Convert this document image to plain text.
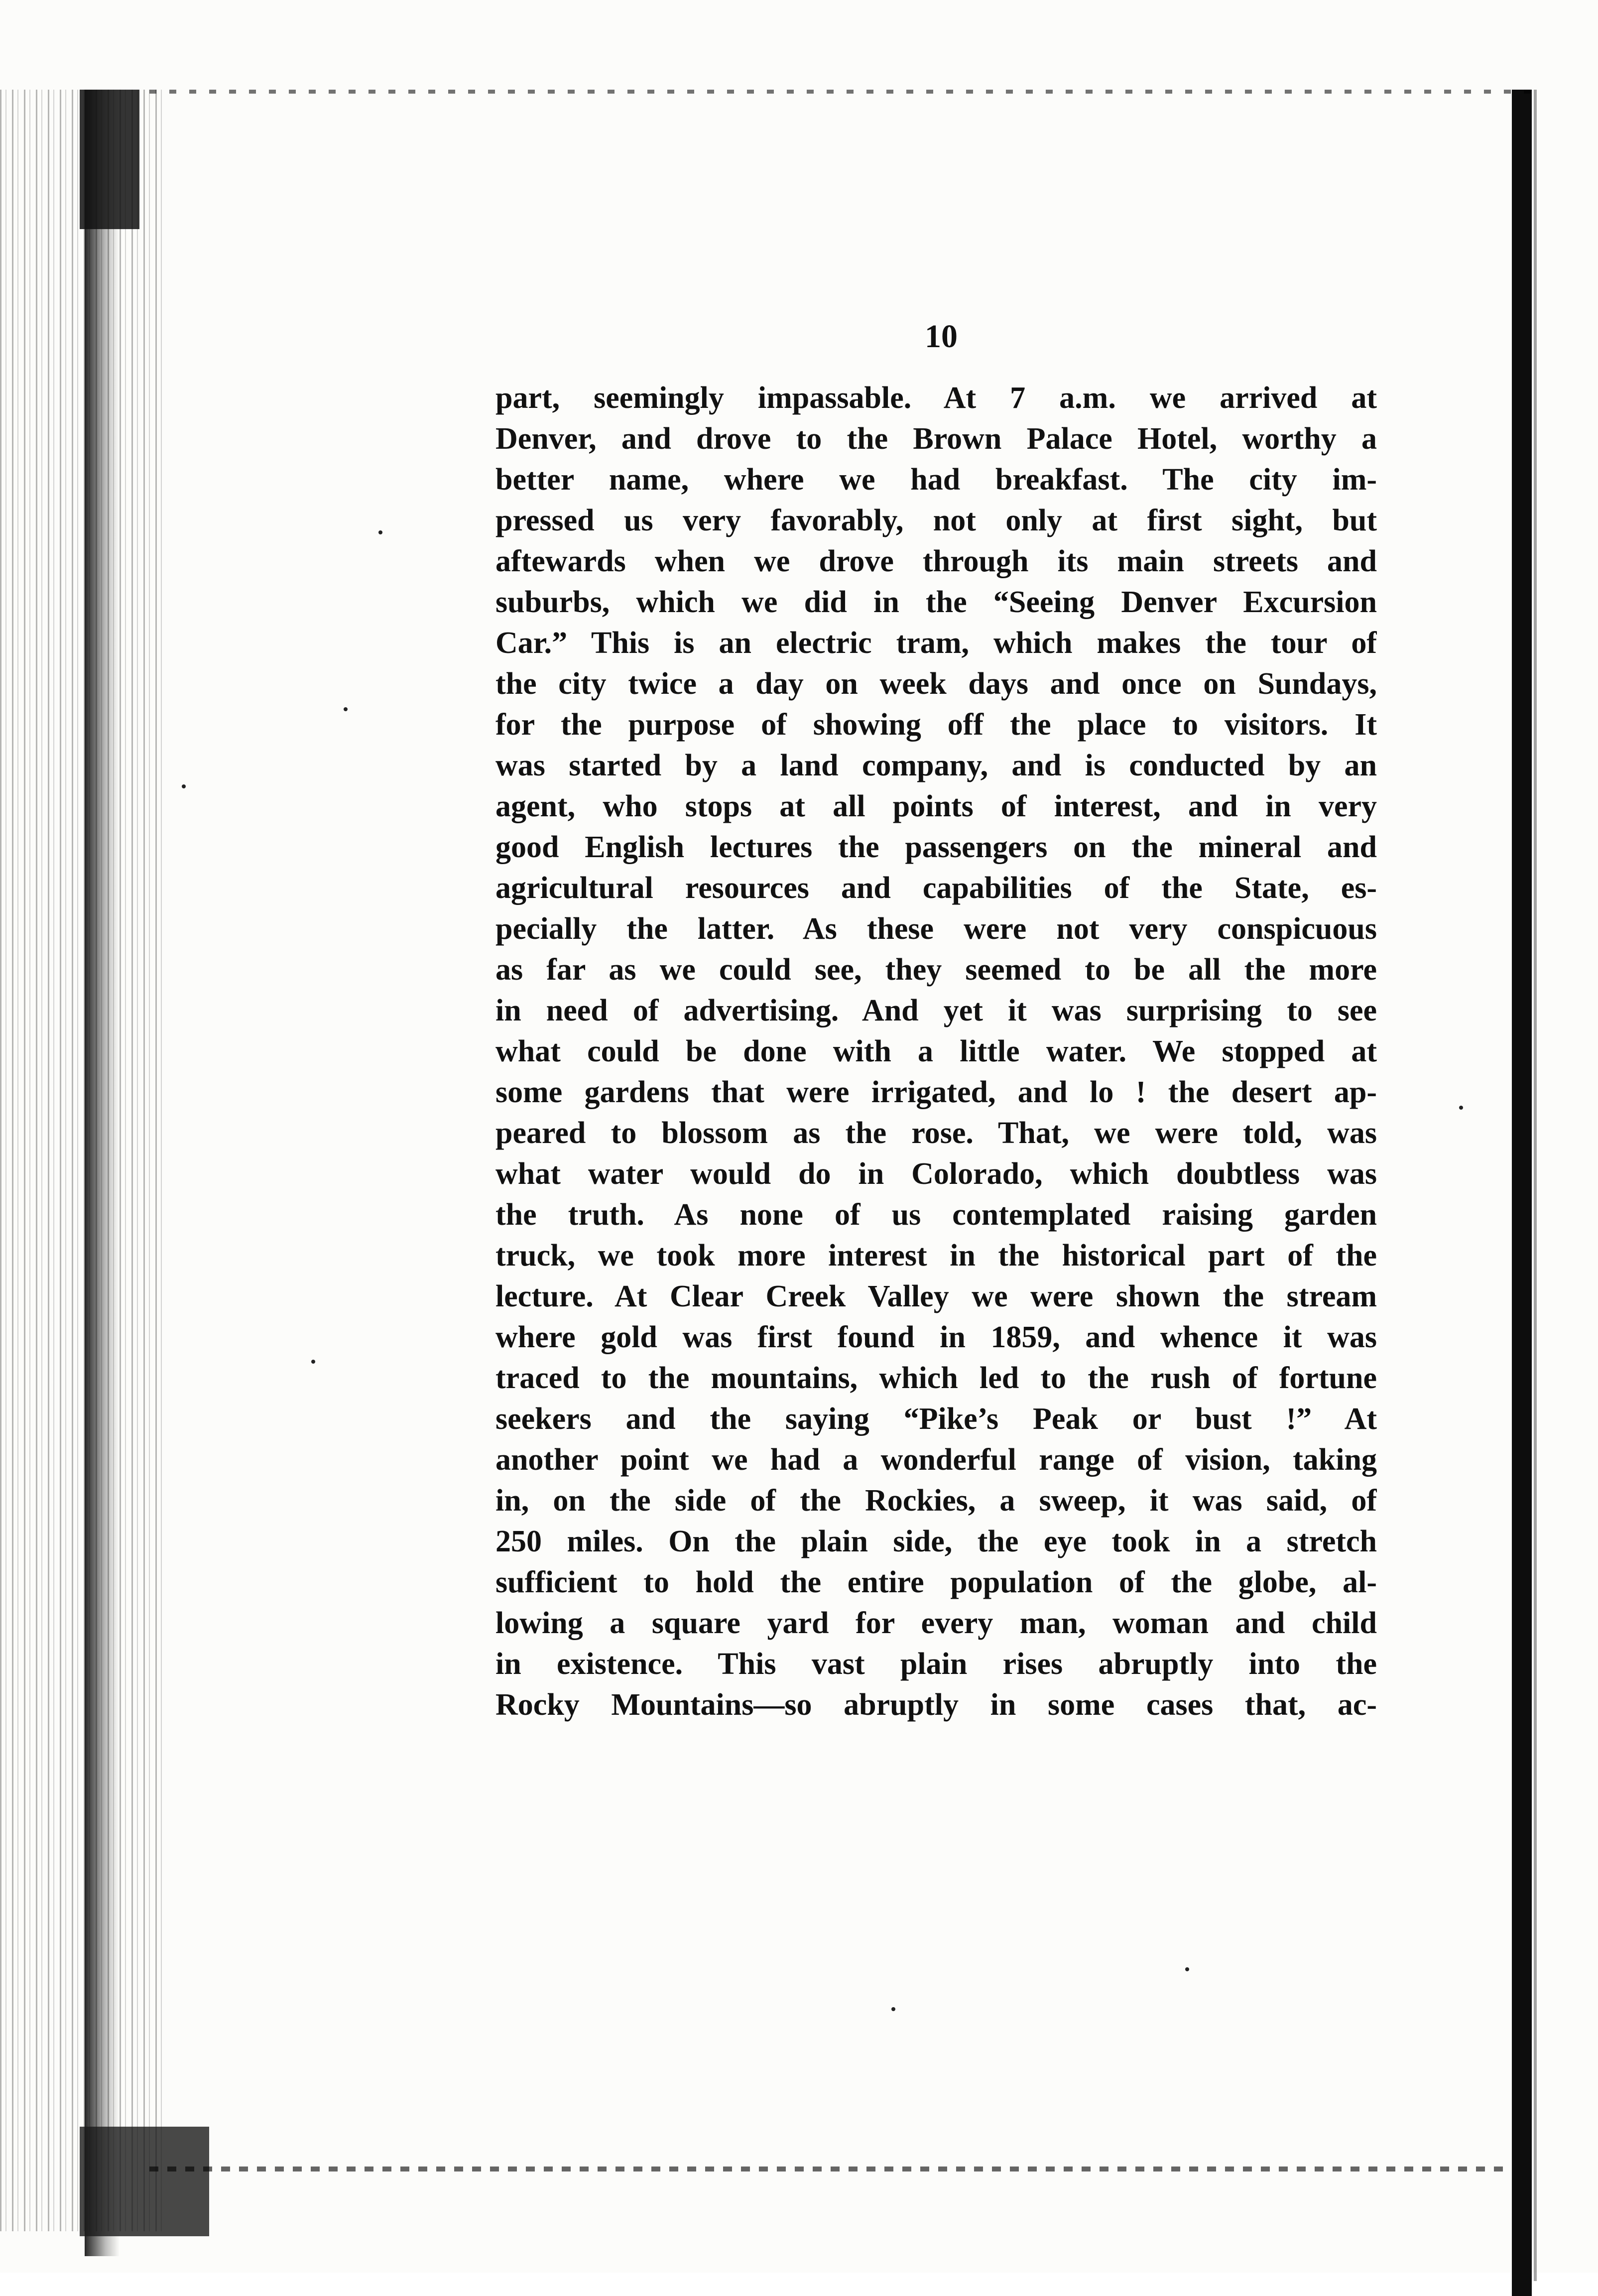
10
part, seemingly impassable. At 7 a.m. we arrived at
Denver, and drove to the Brown Palace Hotel, worthy a
better name, where we had breakfast. The city im-
pressed us very favorably, not only at first sight, but
aftewards when we drove through its main streets and
suburbs, which we did in the “Seeing Denver Excursion
Car.” This is an electric tram, which makes the tour of
the city twice a day on week days and once on Sundays,
for the purpose of showing off the place to visitors. It
was started by a land company, and is conducted by an
agent, who stops at all points of interest, and in very
good English lectures the passengers on the mineral and
agricultural resources and capabilities of the State, es-
pecially the latter. As these were not very conspicuous
as far as we could see, they seemed to be all the more
in need of advertising. And yet it was surprising to see
what could be done with a little water. We stopped at
some gardens that were irrigated, and lo ! the desert ap-
peared to blossom as the rose. That, we were told, was
what water would do in Colorado, which doubtless was
the truth. As none of us contemplated raising garden
truck, we took more interest in the historical part of the
lecture. At Clear Creek Valley we were shown the stream
where gold was first found in 1859, and whence it was
traced to the mountains, which led to the rush of fortune
seekers and the saying “Pike’s Peak or bust !” At
another point we had a wonderful range of vision, taking
in, on the side of the Rockies, a sweep, it was said, of
250 miles. On the plain side, the eye took in a stretch
sufficient to hold the entire population of the globe, al-
lowing a square yard for every man, woman and child
in existence. This vast plain rises abruptly into the
Rocky Mountains—so abruptly in some cases that, ac-
